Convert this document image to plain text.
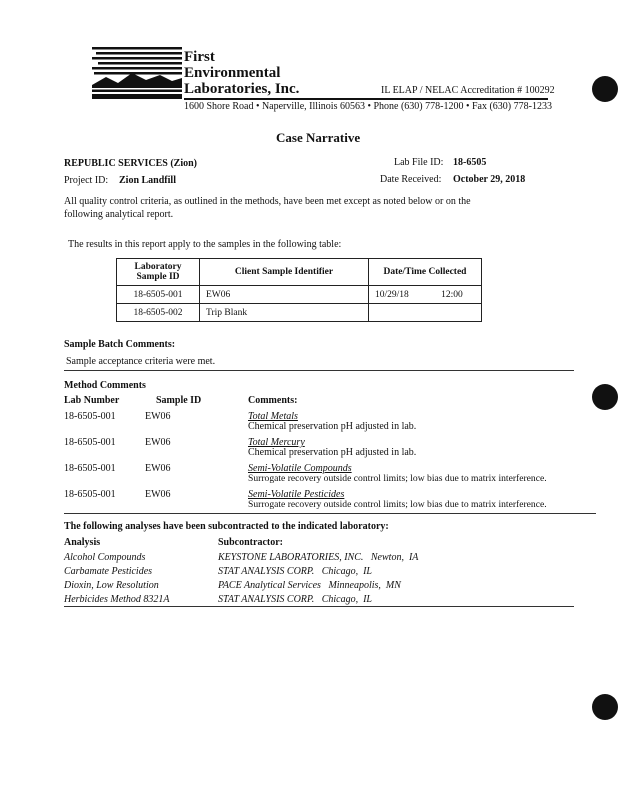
First
Environmental
Laboratories, Inc.	IL ELAP / NELAC Accreditation # 100292
1600 Shore Road • Naperville, Illinois 60563 • Phone (630) 778-1200 • Fax (630) 778-1233
Case Narrative
REPUBLIC SERVICES (Zion)
Project ID: Zion Landfill
Lab File ID: 18-6505
Date Received: October 29, 2018
All quality control criteria, as outlined in the methods, have been met except as noted below or on the
following analytical report.
The results in this report apply to the samples in the following table:
Laboratory
Sample ID	Client Sample Identifier	Date/Time Collected
18-6505-001	EW06	10/29/18 12:00
18-6505-002	Trip Blank	
Sample Batch Comments:
Sample acceptance criteria were met.
Method Comments
Lab Number	Sample ID	Comments:
18-6505-001	EW06	Total Metals
Chemical preservation pH adjusted in lab.
18-6505-001	EW06	Total Mercury
Chemical preservation pH adjusted in lab.
18-6505-001	EW06	Semi-Volatile Compounds
Surrogate recovery outside control limits; low bias due to matrix interference.
18-6505-001	EW06	Semi-Volatile Pesticides
Surrogate recovery outside control limits; low bias due to matrix interference.
The following analyses have been subcontracted to the indicated laboratory:
Analysis	Subcontractor:
Alcohol Compounds	KEYSTONE LABORATORIES, INC.   Newton,  IA
Carbamate Pesticides	STAT ANALYSIS CORP.   Chicago,  IL
Dioxin, Low Resolution	PACE Analytical Services   Minneapolis,  MN
Herbicides Method 8321A	STAT ANALYSIS CORP.   Chicago,  IL
